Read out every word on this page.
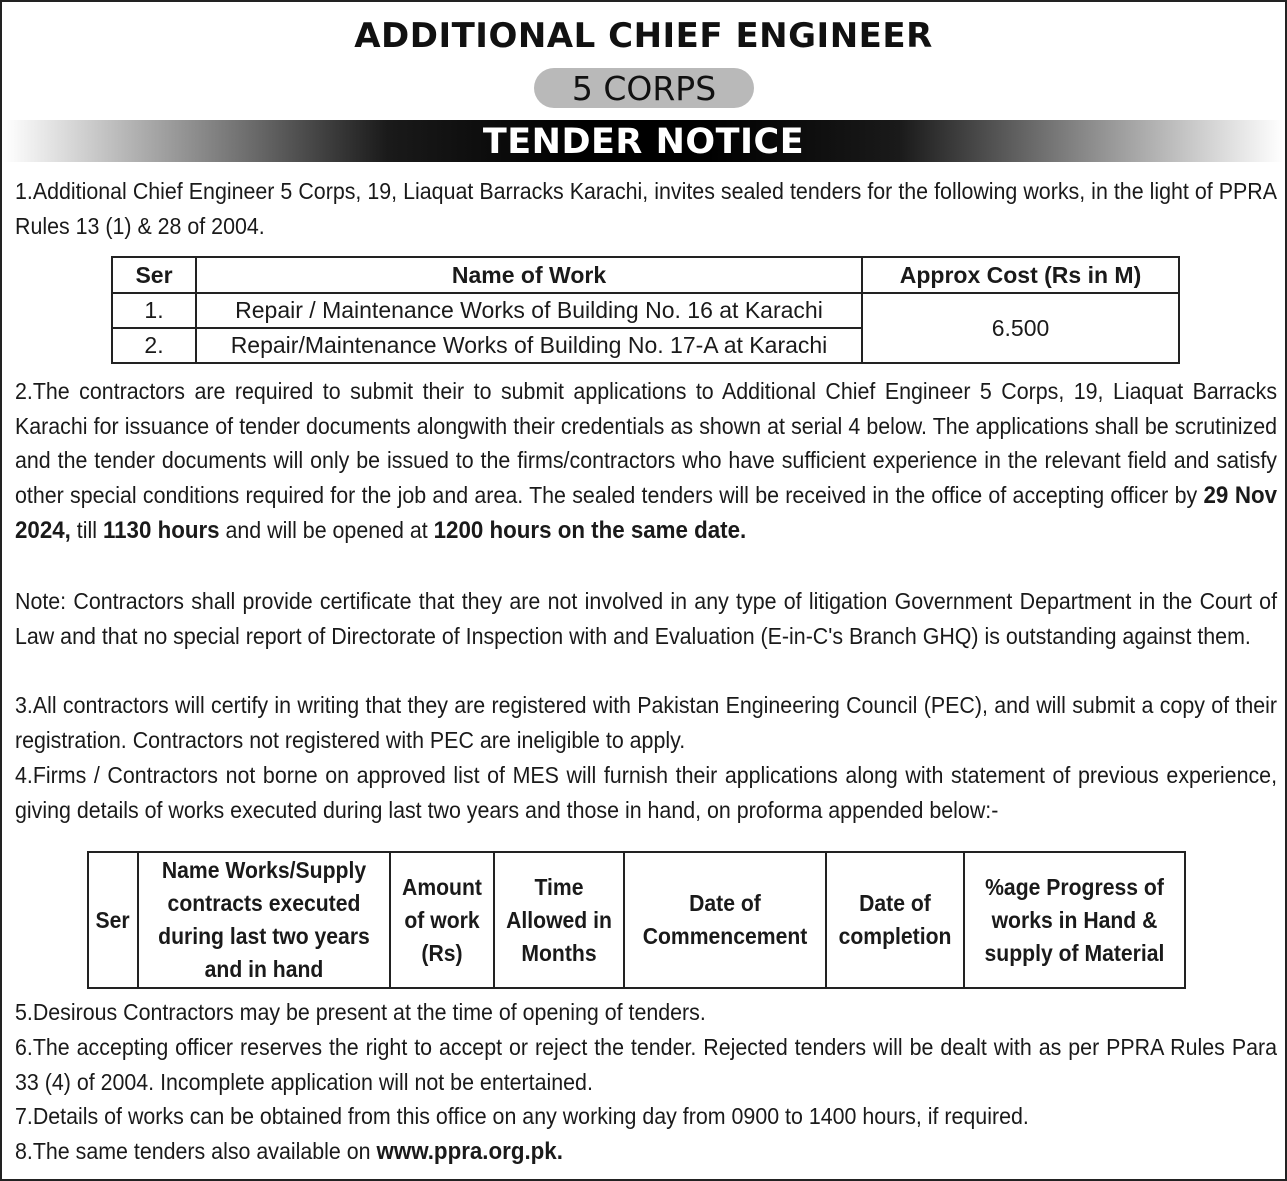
ADDITIONAL CHIEF ENGINEER
5 CORPS
TENDER NOTICE
1.Additional Chief Engineer 5 Corps, 19, Liaquat Barracks Karachi, invites sealed tenders for the following works, in the light of PPRA Rules 13 (1) & 28 of 2004.
Ser	Name of Work	Approx Cost (Rs in M)
1.	Repair / Maintenance Works of Building No. 16 at Karachi	6.500
2.	Repair/Maintenance Works of Building No. 17-A at Karachi	
2.The contractors are required to submit their to submit applications to Additional Chief Engineer 5 Corps, 19, Liaquat Barracks Karachi for issuance of tender documents alongwith their credentials as shown at serial 4 below. The applications shall be scrutinized and the tender documents will only be issued to the firms/contractors who have sufficient experience in the relevant field and satisfy other special conditions required for the job and area. The sealed tenders will be received in the office of accepting officer by 29 Nov 2024, till 1130 hours and will be opened at 1200 hours on the same date.
Note: Contractors shall provide certificate that they are not involved in any type of litigation Government Department in the Court of Law and that no special report of Directorate of Inspection with and Evaluation (E-in-C's Branch GHQ) is outstanding against them.
3.All contractors will certify in writing that they are registered with Pakistan Engineering Council (PEC), and will submit a copy of their registration. Contractors not registered with PEC are ineligible to apply.
4.Firms / Contractors not borne on approved list of MES will furnish their applications along with statement of previous experience, giving details of works executed during last two years and those in hand, on proforma appended below:-
Ser	Name Works/Supply contracts executed during last two years and in hand	Amount of work (Rs)	Time Allowed in Months	Date of Commencement	Date of completion	%age Progress of works in Hand & supply of Material
5.Desirous Contractors may be present at the time of opening of tenders.
6.The accepting officer reserves the right to accept or reject the tender. Rejected tenders will be dealt with as per PPRA Rules Para 33 (4) of 2004. Incomplete application will not be entertained.
7.Details of works can be obtained from this office on any working day from 0900 to 1400 hours, if required.
8.The same tenders also available on www.ppra.org.pk.
